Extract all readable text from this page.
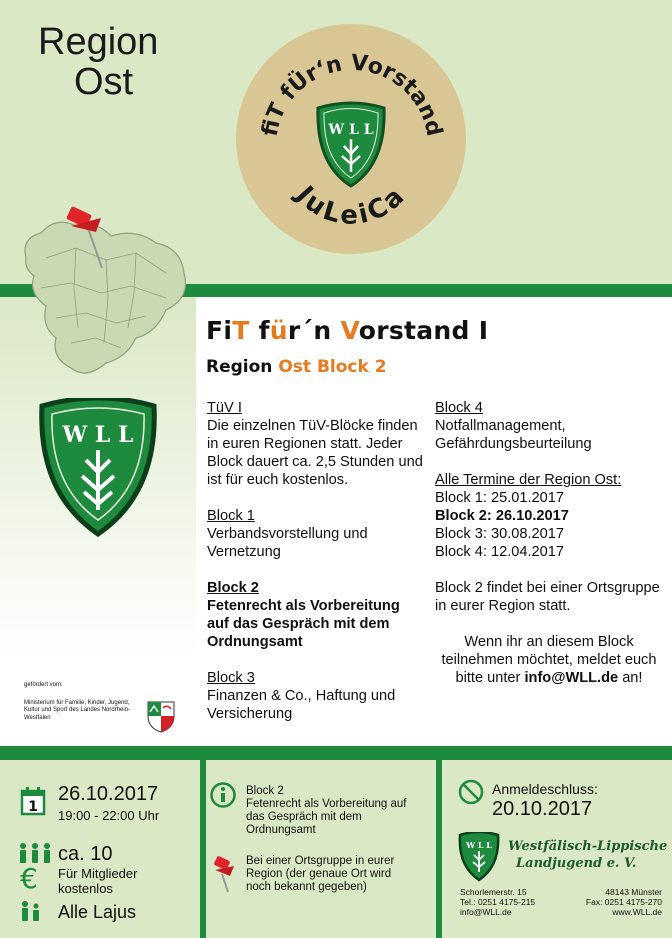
Region
Ost
fiT fÜr‘n Vorstand
JuLeiCa
W L L
FiT für´n Vorstand I
Region Ost Block 2
W L L

TüV I
Die einzelnen TüV-Blöcke finden in euren Regionen statt. Jeder Block dauert ca. 2,5 Stunden und ist für euch kostenlos.

Block 1
Verbandsvorstellung und Vernetzung

Block 2
Fetenrecht als Vorbereitung auf das Gespräch mit dem Ordnungsamt

Block 3
Finanzen & Co., Haftung und Versicherung

Block 4
Notfallmanagement, Gefährdungsbeurteilung

Alle Termine der Region Ost:
Block 1: 25.01.2017
Block 2: 26.10.2017
Block 3: 30.08.2017
Block 4: 12.04.2017

Block 2 findet bei einer Ortsgruppe in eurer Region statt.

Wenn ihr an diesem Block teilnehmen möchtet, meldet euch bitte unter info@WLL.de an!

gefördert vom:
Ministerium für Familie, Kinder, Jugend, Kultur und Sport des Landes Nordrhein-Westfalen
1
26.10.2017
19:00 - 22:00 Uhr
ca. 10
€ Für Mitglieder
kostenlos
Alle Lajus
Block 2
Fetenrecht als Vorbereitung auf
das Gespräch mit dem
Ordnungsamt
Bei einer Ortsgruppe in eurer
Region (der genaue Ort wird
noch bekannt gegeben)
Anmeldeschluss:
20.10.2017
W L L Westfälisch-Lippische
Landjugend e. V.
Schorlemerstr. 15	48143 Münster
Tel.: 0251 4175-215	Fax: 0251 4175-270
info@WLL.de	www.WLL.de
